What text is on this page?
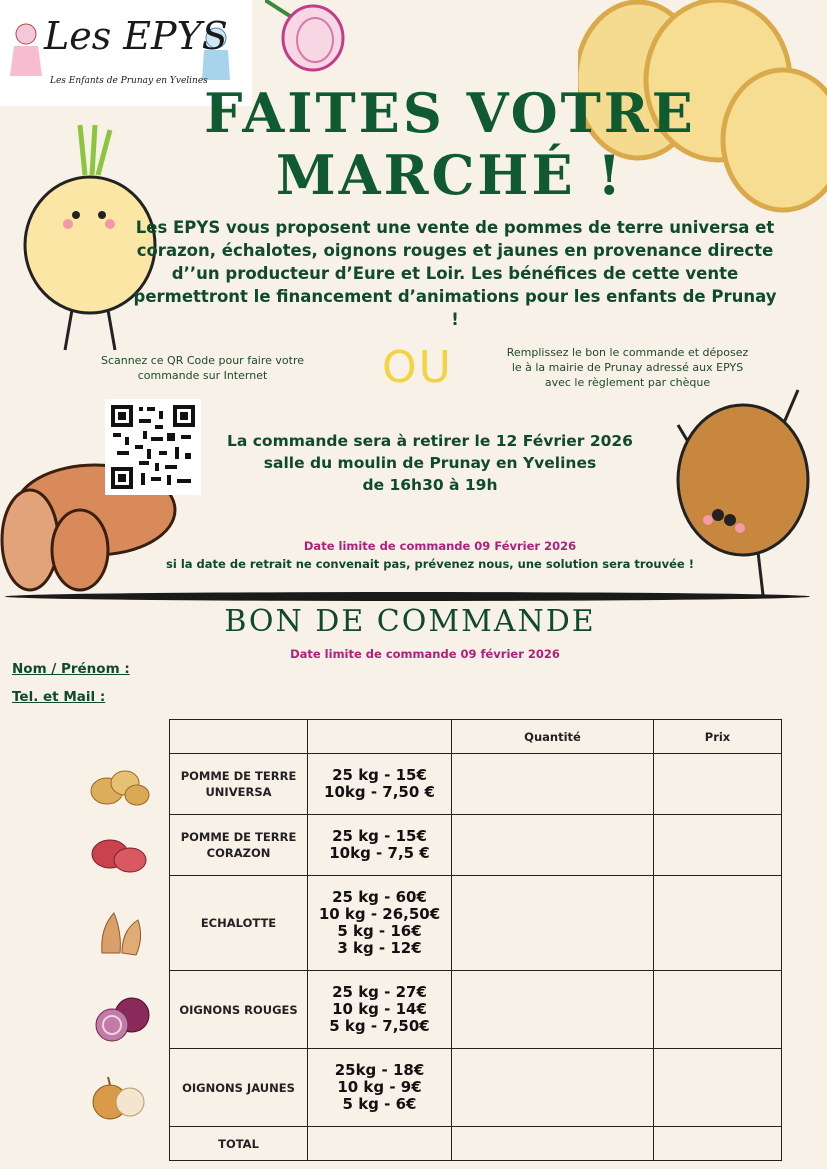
Les EPYS
Les Enfants de Prunay en Yvelines
FAITES VOTRE
MARCHÉ !
Les EPYS vous proposent une vente de pommes de terre universa et corazon, échalotes, oignons rouges et jaunes en provenance directe d’’un producteur d’Eure et Loir. Les bénéfices de cette vente permettront le financement d’animations pour les enfants de Prunay !
Scannez ce QR Code pour faire votre commande sur Internet	OU	Remplissez le bon le commande et déposez le à la mairie de Prunay adressé aux EPYS avec le règlement par chèque
La commande sera à retirer le 12 Février 2026
salle du moulin de Prunay en Yvelines
de 16h30 à 19h
Date limite de commande 09 Février 2026
si la date de retrait ne convenait pas, prévenez nous, une solution sera trouvée !
BON DE COMMANDE
Date limite de commande 09 février 2026
Nom / Prénom :
Tel. et Mail :
		Quantité	Prix
POMME DE TERRE UNIVERSA	25 kg - 15€
10kg - 7,50 €		

POMME DE TERRE CORAZON	25 kg - 15€
10kg - 7,5 €		

ECHALOTTE	25 kg - 60€
10 kg - 26,50€
5 kg - 16€
3 kg - 12€		

OIGNONS ROUGES	25 kg - 27€
10 kg - 14€
5 kg - 7,50€		

OIGNONS JAUNES	25kg - 18€
10 kg - 9€
5 kg - 6€		

TOTAL			
